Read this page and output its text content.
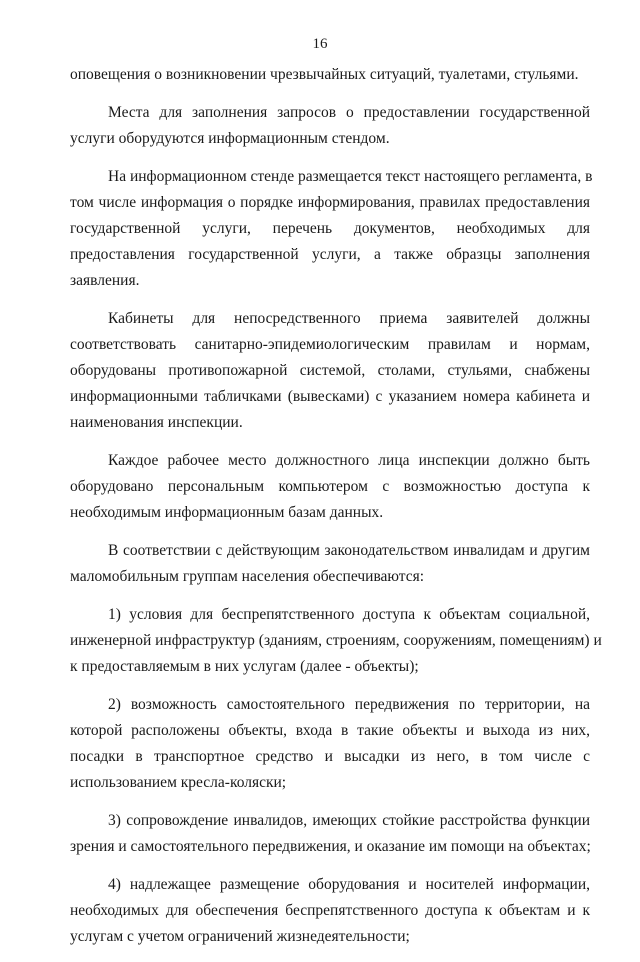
16

оповещения о возникновении чрезвычайных ситуаций, туалетами, стульями.

Места для заполнения запросов о предоставлении государственной
услуги оборудуются информационным стендом.

На информационном стенде размещается текст настоящего регламента, в
том числе информация о порядке информирования, правилах предоставления
государственной услуги, перечень документов, необходимых для
предоставления государственной услуги, а также образцы заполнения
заявления.

Кабинеты для непосредственного приема заявителей должны
соответствовать санитарно-эпидемиологическим правилам и нормам,
оборудованы противопожарной системой, столами, стульями, снабжены
информационными табличками (вывесками) с указанием номера кабинета и
наименования инспекции.

Каждое рабочее место должностного лица инспекции должно быть
оборудовано персональным компьютером с возможностью доступа к
необходимым информационным базам данных.

В соответствии с действующим законодательством инвалидам и другим
маломобильным группам населения обеспечиваются:

1) условия для беспрепятственного доступа к объектам социальной,
инженерной инфраструктур (зданиям, строениям, сооружениям, помещениям) и
к предоставляемым в них услугам (далее - объекты);

2) возможность самостоятельного передвижения по территории, на
которой расположены объекты, входа в такие объекты и выхода из них,
посадки в транспортное средство и высадки из него, в том числе с
использованием кресла-коляски;

3) сопровождение инвалидов, имеющих стойкие расстройства функции
зрения и самостоятельного передвижения, и оказание им помощи на объектах;

4) надлежащее размещение оборудования и носителей информации,
необходимых для обеспечения беспрепятственного доступа к объектам и к
услугам с учетом ограничений жизнедеятельности;
